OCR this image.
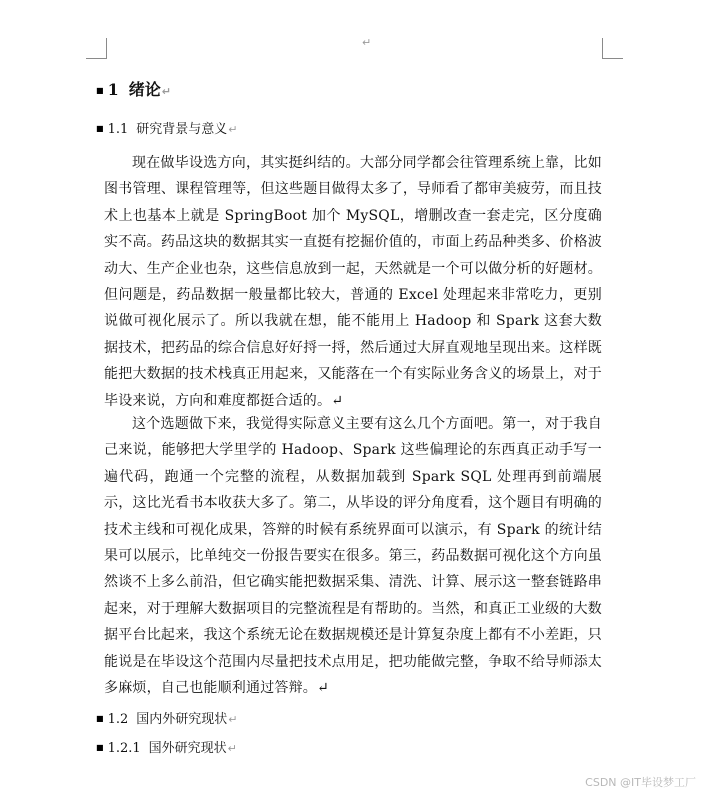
↵
■ 1 绪论 ↵
■ 1.1 研究背景与意义 ↵

现在做毕设选方向，其实挺纠结的。大部分同学都会往管理系统上靠，比如图书管理、课程管理等，但这些题目做得太多了，导师看了都审美疲劳，而且技术上也基本上就是 SpringBoot 加个 MySQL，增删改查一套走完，区分度确实不高。药品这块的数据其实一直挺有挖掘价值的，市面上药品种类多、价格波动大、生产企业也杂，这些信息放到一起，天然就是一个可以做分析的好题材。但问题是，药品数据一般量都比较大，普通的 Excel 处理起来非常吃力，更别说做可视化展示了。所以我就在想，能不能用上 Hadoop 和 Spark 这套大数据技术，把药品的综合信息好好捋一捋，然后通过大屏直观地呈现出来。这样既能把大数据的技术栈真正用起来，又能落在一个有实际业务含义的场景上，对于毕设来说，方向和难度都挺合适的。↵

这个选题做下来，我觉得实际意义主要有这么几个方面吧。第一，对于我自己来说，能够把大学里学的 Hadoop、Spark 这些偏理论的东西真正动手写一遍代码，跑通一个完整的流程，从数据加载到 Spark SQL 处理再到前端展示，这比光看书本收获大多了。第二，从毕设的评分角度看，这个题目有明确的技术主线和可视化成果，答辩的时候有系统界面可以演示，有 Spark 的统计结果可以展示，比单纯交一份报告要实在很多。第三，药品数据可视化这个方向虽然谈不上多么前沿，但它确实能把数据采集、清洗、计算、展示这一整套链路串起来，对于理解大数据项目的完整流程是有帮助的。当然，和真正工业级的大数据平台比起来，我这个系统无论在数据规模还是计算复杂度上都有不小差距，只能说是在毕设这个范围内尽量把技术点用足，把功能做完整，争取不给导师添太多麻烦，自己也能顺利通过答辩。↵

■ 1.2 国内外研究现状 ↵
■ 1.2.1 国外研究现状 ↵
CSDN @IT毕设梦工厂
